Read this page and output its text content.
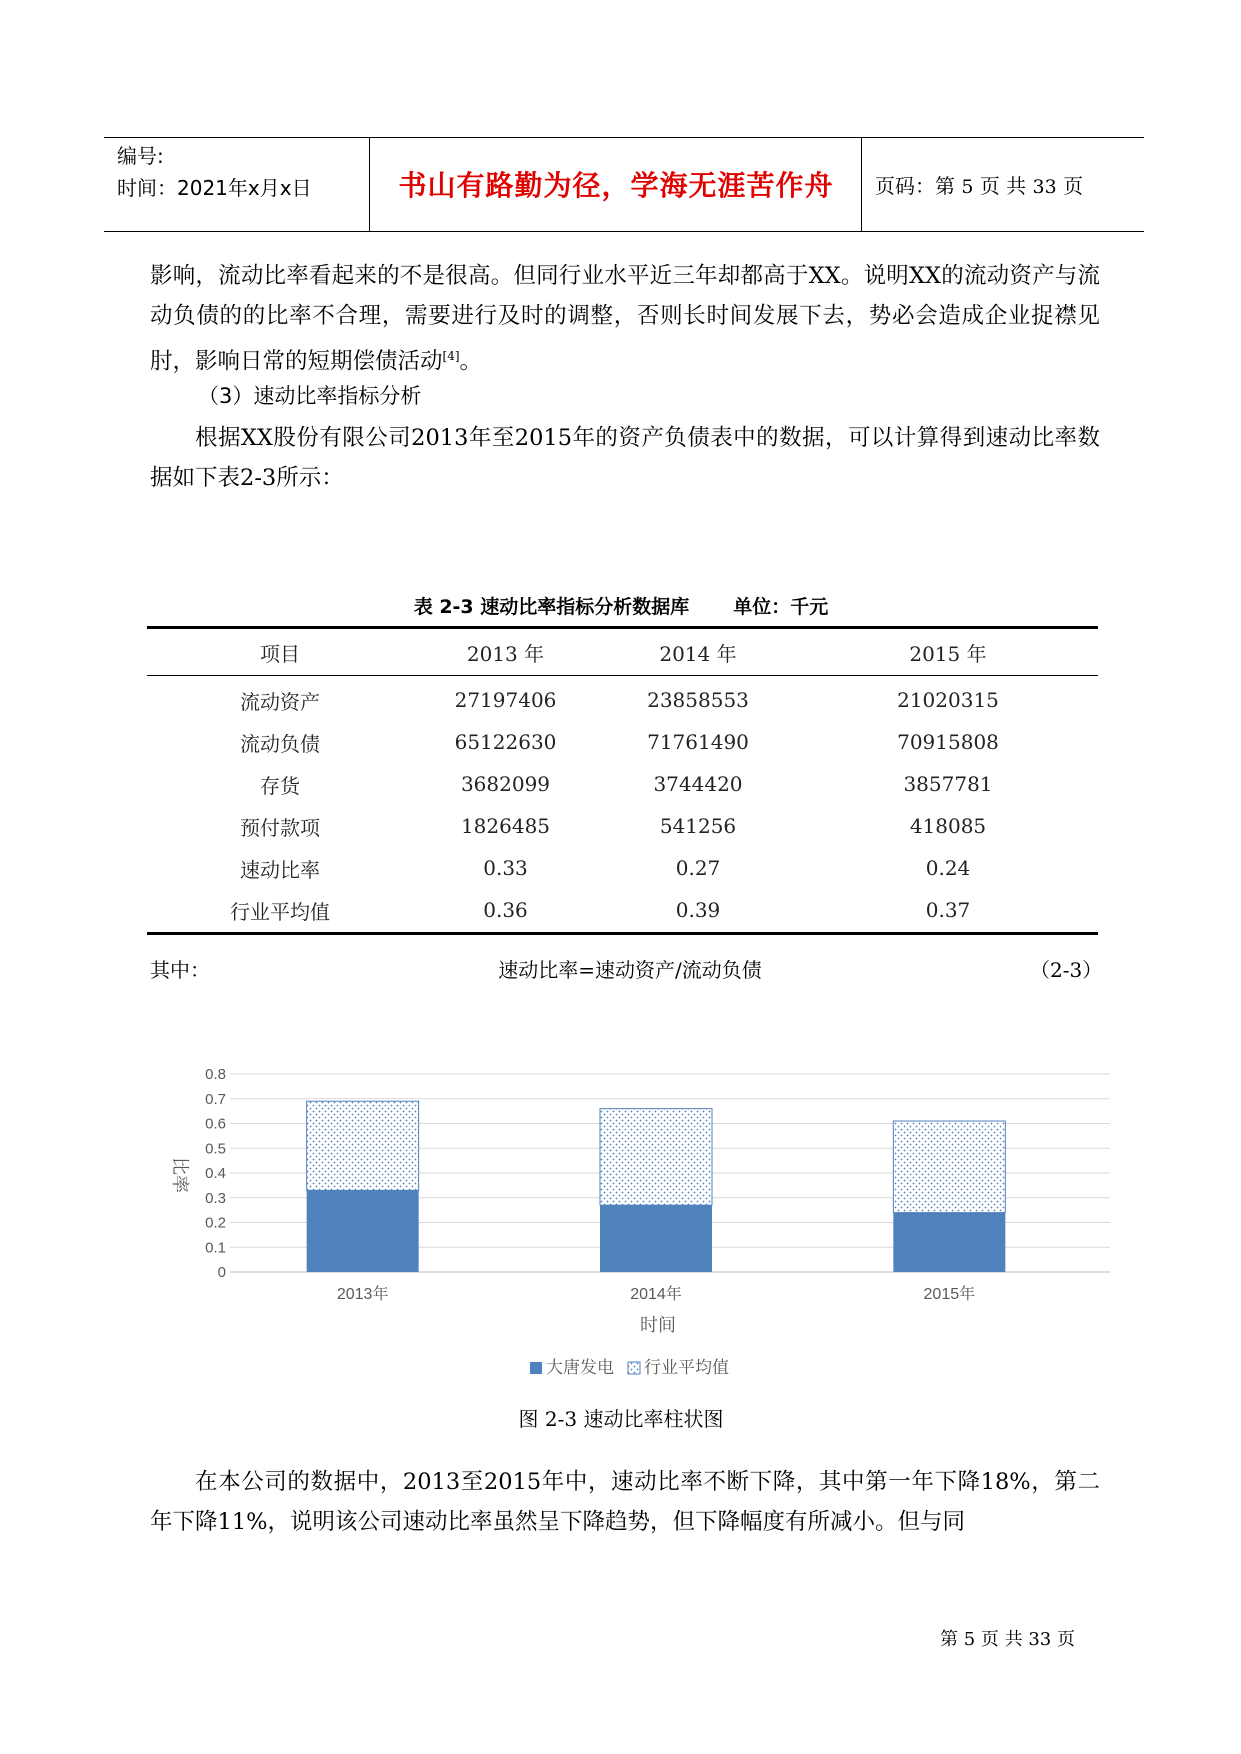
编号:
时间：2021年x月x日	书山有路勤为径，学海无涯苦作舟	页码：第 5 页 共 33 页
影响，流动比率看起来的不是很高。但同行业水平近三年却都高于XX。说明XX的流动资产与流动负债的的比率不合理，需要进行及时的调整，否则长时间发展下去，势必会造成企业捉襟见肘，影响日常的短期偿债活动[4]。
（3）速动比率指标分析
根据XX股份有限公司2013年至2015年的资产负债表中的数据，可以计算得到速动比率数据如下表2-3所示：
表 2-3 速动比率指标分析数据库 单位：千元
项目	2013 年	2014 年	2015 年
流动资产	27197406	23858553	21020315
流动负债	65122630	71761490	70915808
存货	3682099	3744420	3857781
预付款项	1826485	541256	418085
速动比率	0.33	0.27	0.24
行业平均值	0.36	0.39	0.37
其中：	速动比率=速动资产/流动负债	（2-3）
0
0.1
0.2
0.3
0.4
0.5
0.6
0.7
0.8
2013年	2014年	2015年
时间
比率
大唐发电 行业平均值
图 2-3 速动比率柱状图
在本公司的数据中，2013至2015年中，速动比率不断下降，其中第一年下降18%，第二年下降11%，说明该公司速动比率虽然呈下降趋势，但下降幅度有所减小。但与同
第 5 页 共 33 页
